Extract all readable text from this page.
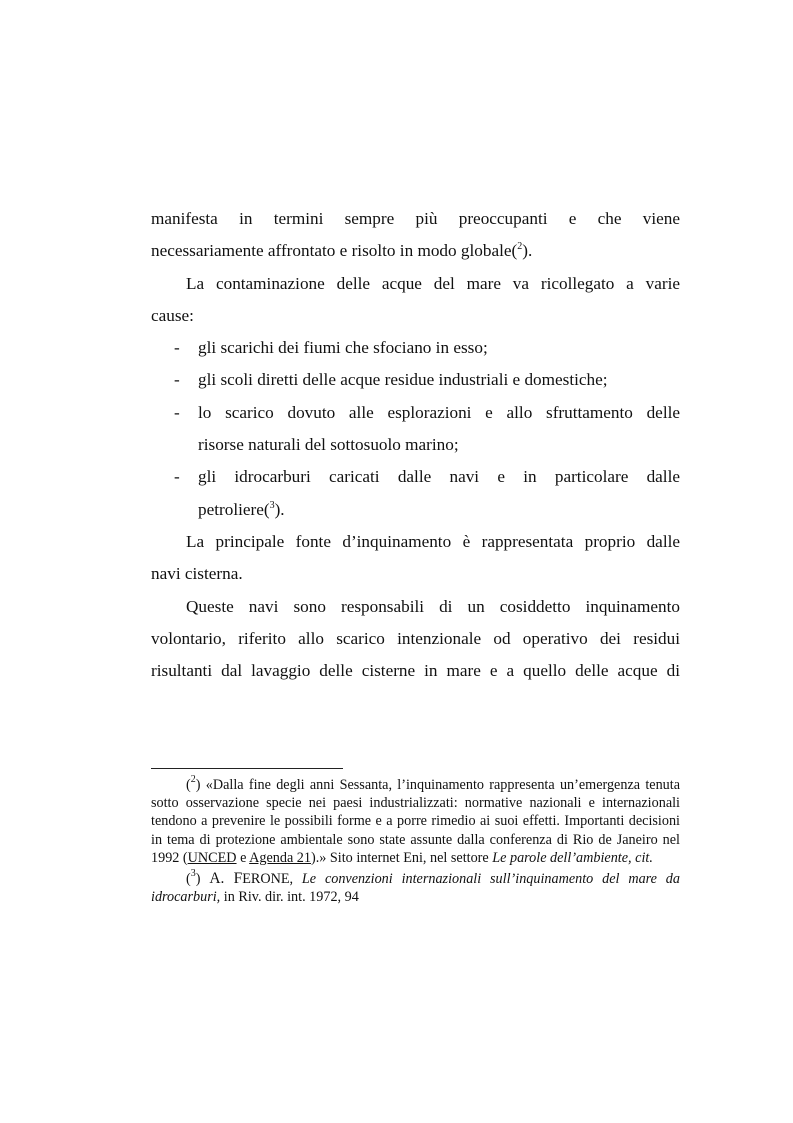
manifesta in termini sempre più preoccupanti e che viene

necessariamente affrontato e risolto in modo globale($^2$).

La contaminazione delle acque del mare va ricollegato a varie

cause:

- gli scarichi dei fiumi che sfociano in esso;
- gli scoli diretti delle acque residue industriali e domestiche;
- lo scarico dovuto alle esplorazioni e allo sfruttamento delle
risorse naturali del sottosuolo marino;
- gli idrocarburi caricati dalle navi e in particolare dalle
petroliere($^3$).

La principale fonte d’inquinamento è rappresentata proprio dalle

navi cisterna.

Queste navi sono responsabili di un cosiddetto inquinamento

volontario, riferito allo scarico intenzionale od operativo dei residui

risultanti dal lavaggio delle cisterne in mare e a quello delle acque di

($^2$) «Dalla fine degli anni Sessanta, l’inquinamento rappresenta un’emergenza tenuta sotto osservazione specie nei paesi industrializzati: normative nazionali e internazionali tendono a prevenire le possibili forme e a porre rimedio ai suoi effetti. Importanti decisioni in tema di protezione ambientale sono state assunte dalla conferenza di Rio de Janeiro nel 1992 (UNCED e Agenda 21).» Sito internet Eni, nel settore Le parole dell’ambiente, cit.

($^3$) A. FERONE, Le convenzioni internazionali sull’inquinamento del mare da idrocarburi, in Riv. dir. int. 1972, 94
